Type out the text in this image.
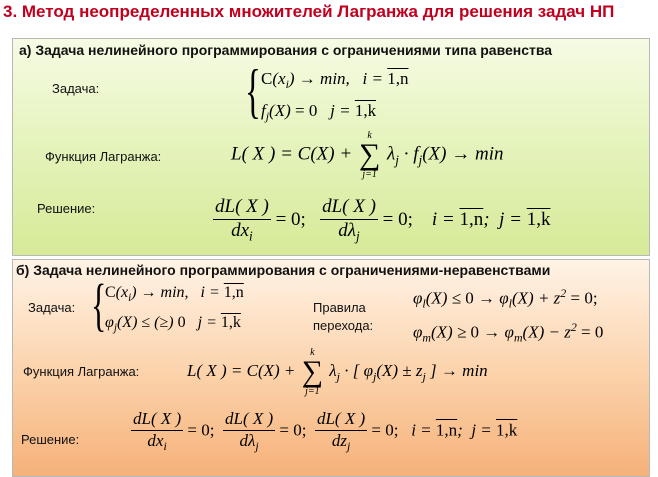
3. Метод неопределенных множителей Лагранжа для решения задач НП
а) Задача нелинейного программирования с ограничениями типа равенства
Задача: { $C(x_i) \to \min$,   i = 1,n
$f_j(X) = 0$   j = 1,k
Функция Лагранжа:	L( X ) = C(X) +
k
∑
j=1
$\lambda_j \cdot f_j(X) \to \min$
Решение:	$\frac{dL( X )}{dx_i} = 0$; $\frac{dL( X )}{d\lambda_j} = 0$;    i = 1,n;  j = 1,k
б) Задача нелинейного программирования с ограничениями-неравенствами
Задача: {
$C(x_i) \to \min$,   i = 1,n
$\varphi_j(X)$ ≤ (≥) 0   j = 1,k
Правила
перехода:
$\varphi_l(X) \le 0 \to \varphi_l(X) + z^2 = 0$;
$\varphi_m(X) \ge 0 \to \varphi_m(X) - z^2 = 0$
Функция Лагранжа:	L( X ) = C(X) +
k
∑
j=1
$\lambda_j$ · [ $\varphi_j(X) \pm z_j$ ] → min
Решение:	$\frac{dL( X )}{dx_i} = 0$; $\frac{dL( X )}{d\lambda_j} = 0$; $\frac{dL( X )}{dz_j} = 0$;   i = 1,n;  j = 1,k
